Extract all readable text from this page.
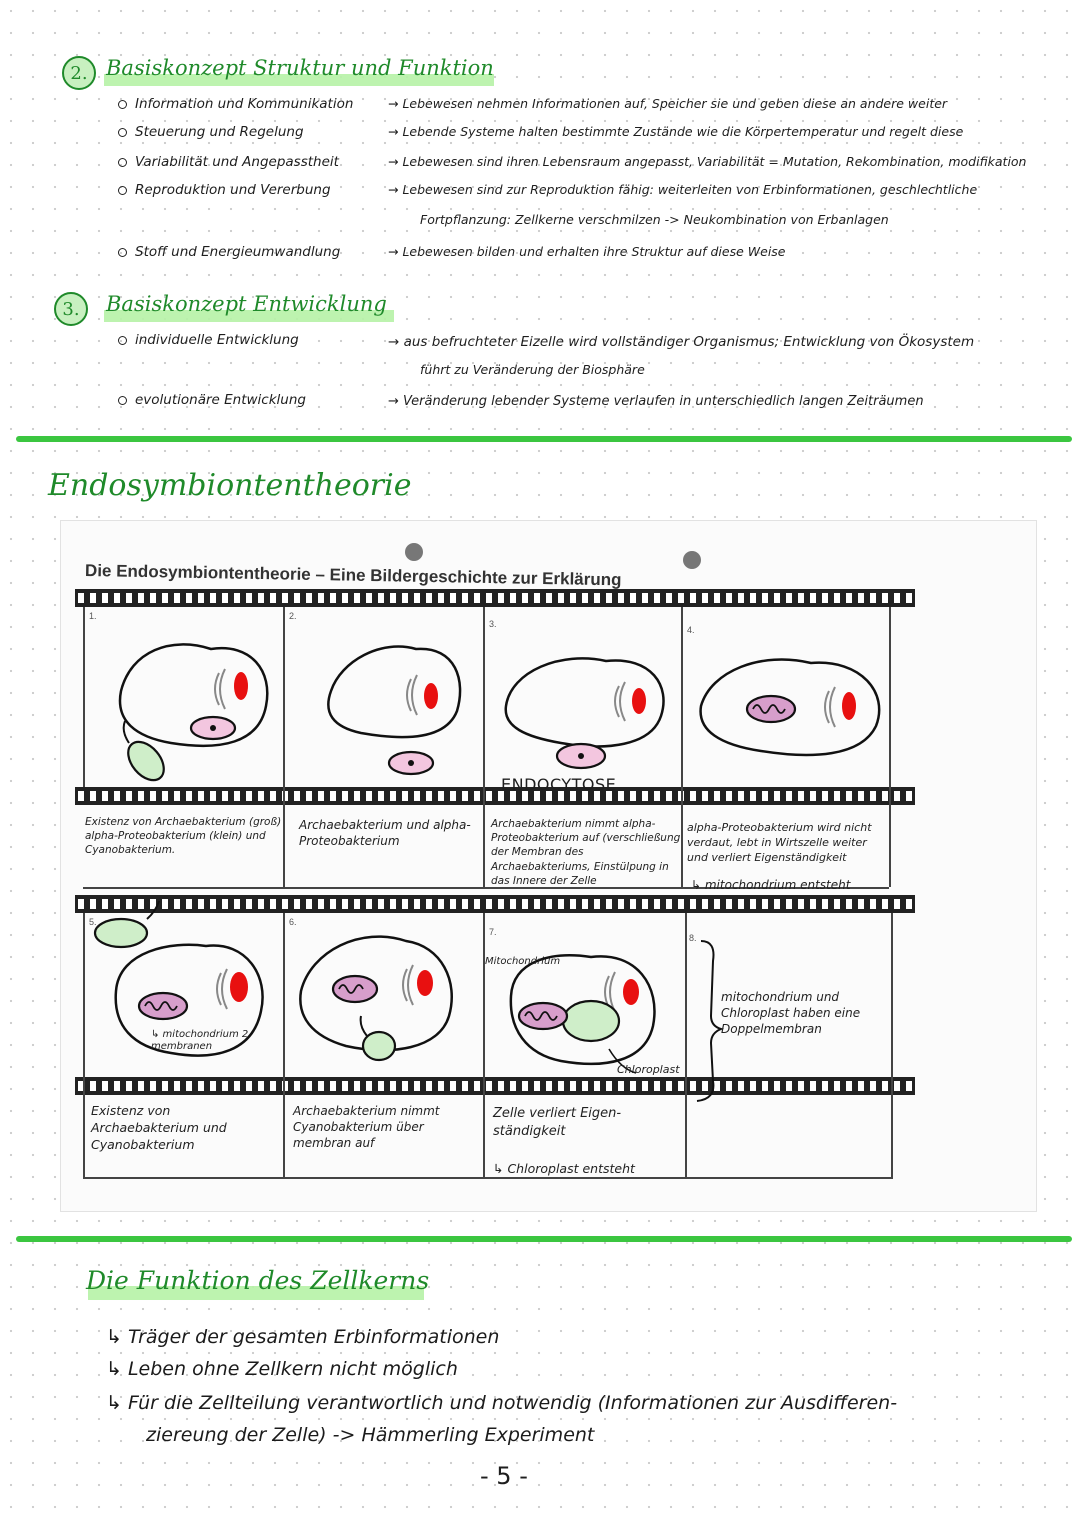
2. Basiskonzept Struktur und Funktion
Information und Kommunikation	→ Lebewesen nehmen Informationen auf, Speicher sie und geben diese an andere weiter
Steuerung und Regelung	→ Lebende Systeme halten bestimmte Zustände wie die Körpertemperatur und regelt diese
Variabilität und Angepasstheit	→ Lebewesen sind ihren Lebensraum angepasst, Variabilität = Mutation, Rekombination, modifikation
Reproduktion und Vererbung	→ Lebewesen sind zur Reproduktion fähig: weiterleiten von Erbinformationen, geschlechtliche
Fortpflanzung: Zellkerne verschmilzen -> Neukombination von Erbanlagen
Stoff und Energieumwandlung	→ Lebewesen bilden und erhalten ihre Struktur auf diese Weise
3. Basiskonzept Entwicklung
individuelle Entwicklung	→ aus befruchteter Eizelle wird vollständiger Organismus; Entwicklung von Ökosystem
führt zu Veränderung der Biosphäre
evolutionäre Entwicklung	→ Veränderung lebender Systeme verlaufen in unterschiedlich langen Zeiträumen
Endosymbiontentheorie
Die Endosymbiontentheorie – Eine Bildergeschichte zur Erklärung
1.	2.
3.
4.
5.	6.
7.
8.
Existenz von Archaebakterium (groß) alpha-Proteobakterium (klein) und Cyanobakterium.
Archaebakterium und alpha-Proteobakterium
ENDOCYTOSE
Archaebakterium nimmt alpha-Proteobakterium auf (verschließung der Membran des Archaebakteriums, Einstülpung in das Innere der Zelle
alpha-Proteobakterium wird nicht verdaut, lebt in Wirtszelle weiter und verliert Eigenständigkeit
↳ mitochondrium entsteht
↳ mitochondrium 2 membranen
Mitochondrium
Chloroplast
mitochondrium und Chloroplast haben eine Doppelmembran
Existenz von Archaebakterium und Cyanobakterium
Archaebakterium nimmt Cyanobakterium über membran auf
Zelle verliert Eigen-ständigkeit
↳ Chloroplast entsteht
Die Funktion des Zellkerns
↳ Träger der gesamten Erbinformationen
↳ Leben ohne Zellkern nicht möglich
↳ Für die Zellteilung verantwortlich und notwendig (Informationen zur Ausdifferen-
ziereung der Zelle) -> Hämmerling Experiment
- 5 -
